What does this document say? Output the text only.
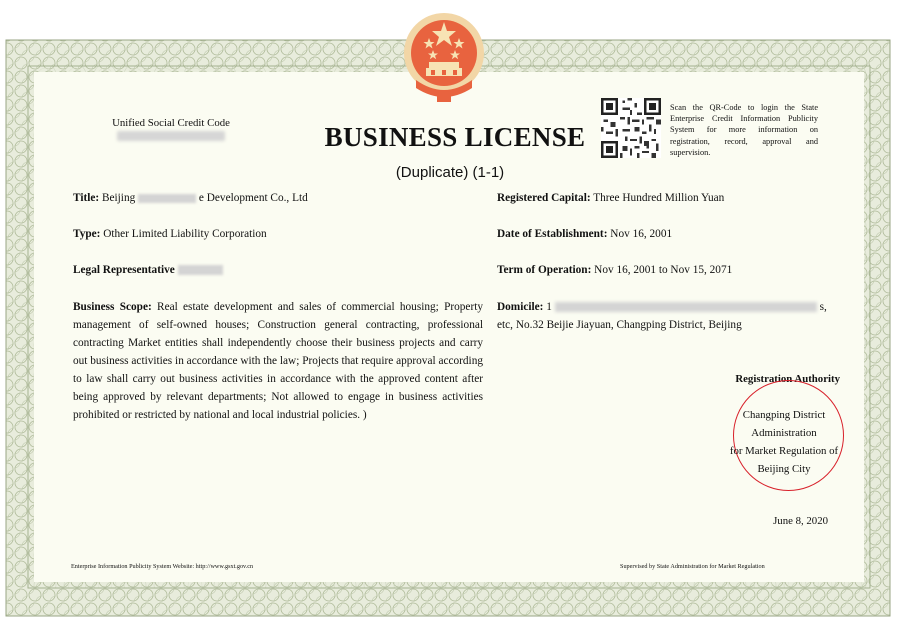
Scan the QR-Code to login the State Enterprise Credit Information Publicity System for more information on registration, record, approval and supervision.
Unified Social Credit Code	BUSINESS LICENSE
(Duplicate) (1-1)
Title: Beijing	e Development Co., Ltd
Type: Other Limited Liability Corporation
Legal Representative
Business Scope: Real estate development and sales of commercial housing; Property management of self-owned houses; Construction general contracting, professional contracting Market entities shall independently choose their business projects and carry out business activities in accordance with the law; Projects that require approval according to law shall carry out business activities in accordance with the approved content after being approved by relevant departments; Not allowed to engage in business activities prohibited or restricted by national and local industrial policies. )
Registered Capital: Three Hundred Million Yuan
Date of Establishment: Nov 16, 2001
Term of Operation: Nov 16, 2001 to Nov 15, 2071
Domicile: 1	s,
etc, No.32 Beijie Jiayuan, Changping District, Beijing
Registration Authority
Changping District
Administration
for Market Regulation of
Beijing City
June 8, 2020
Enterprise Information Publicity System Website: http://www.gsxt.gov.cn	Supervised by State Administration for Market Regulation
